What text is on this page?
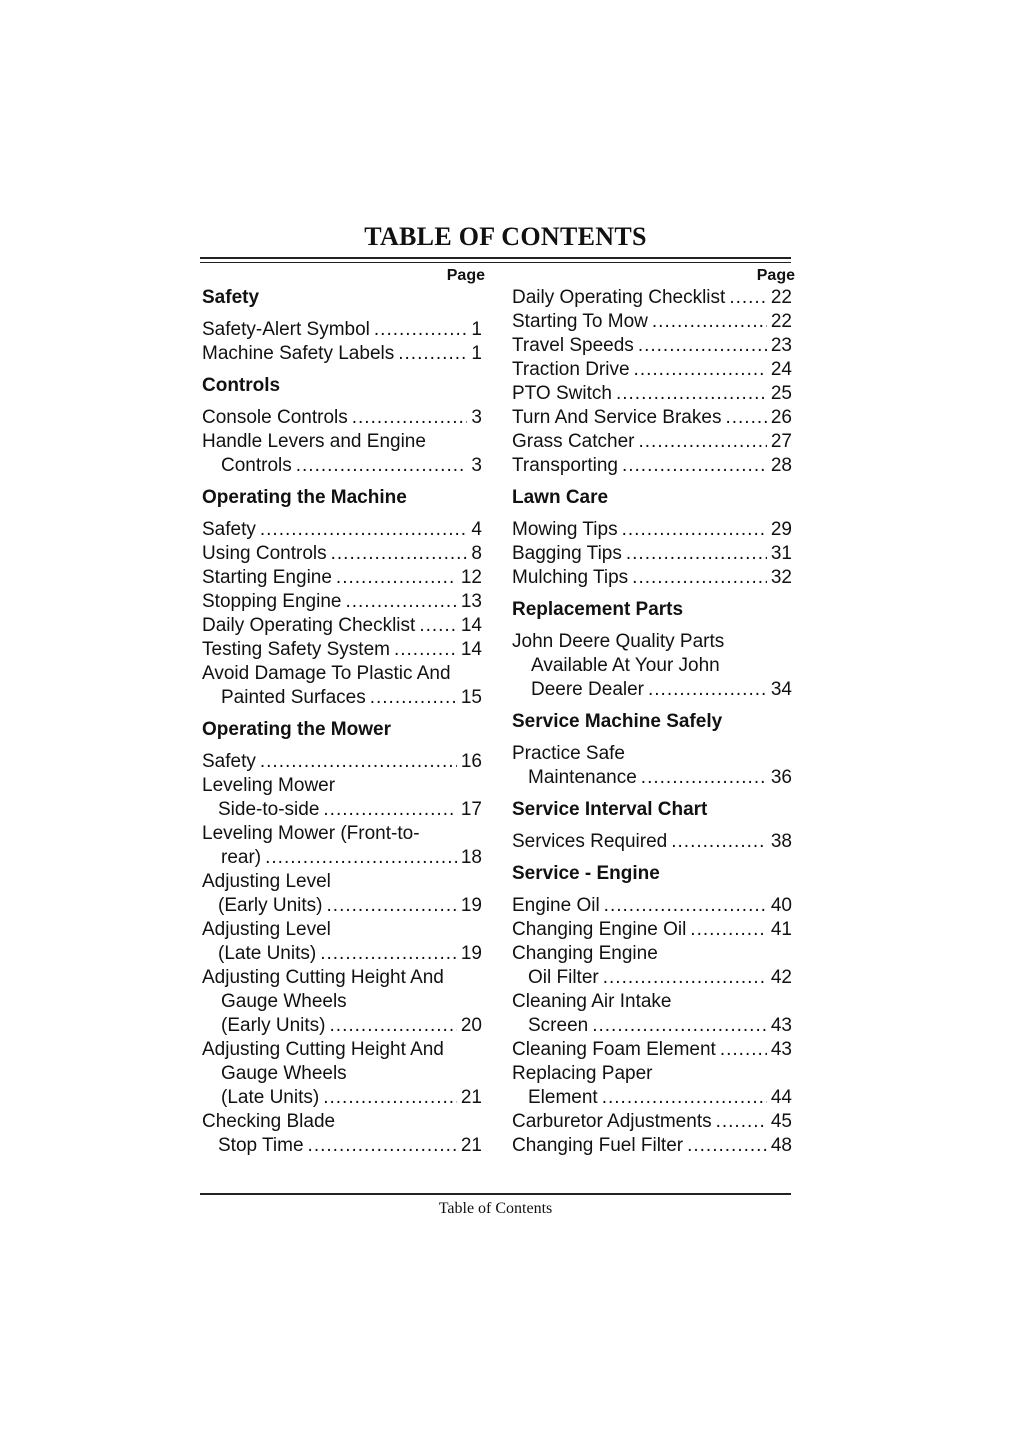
TABLE OF CONTENTS
Page
Safety
Safety-Alert Symbol .....	1
Machine Safety Labels .....	1
Controls
Console Controls .....	3
Handle Levers and Engine
Controls .....	3
Operating the Machine
Safety .....	4
Using Controls .....	8
Starting Engine .....	12
Stopping Engine .....	13
Daily Operating Checklist ..... 14
Testing Safety System .....	14
Avoid Damage To Plastic And
Painted Surfaces .....	15
Operating the Mower
Safety .....	16
Leveling Mower
Side-to-side .....	17
Leveling Mower (Front-to-
rear) .....	18
Adjusting Level
(Early Units) .....	19
Adjusting Level
(Late Units) .....	19
Adjusting Cutting Height And
Gauge Wheels
(Early Units) .....	20
Adjusting Cutting Height And
Gauge Wheels
(Late Units) .....	21
Checking Blade
Stop Time .....	21
Page
Daily Operating Checklist ..... 22
Starting To Mow .....	22
Travel Speeds .....	23
Traction Drive .....	24
PTO Switch .....	25
Turn And Service Brakes .....	26
Grass Catcher .....	27
Transporting .....	28
Lawn Care
Mowing Tips .....	29
Bagging Tips .....	31
Mulching Tips .....	32
Replacement Parts
John Deere Quality Parts
Available At Your John
Deere Dealer .....	34
Service Machine Safely
Practice Safe
Maintenance .....	36
Service Interval Chart
Services Required .....	38
Service - Engine
Engine Oil .....	40
Changing Engine Oil .....	41
Changing Engine
Oil Filter .....	42
Cleaning Air Intake
Screen .....	43
Cleaning Foam Element .....	43
Replacing Paper
Element .....	44
Carburetor Adjustments .....	45
Changing Fuel Filter .....	48
Table of Contents
